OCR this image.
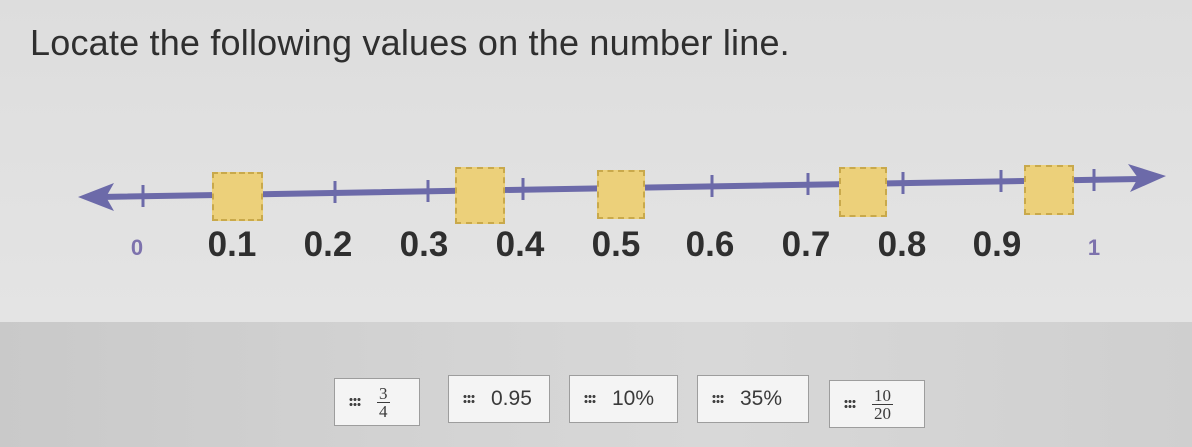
Locate the following values on the number line.
0 0.1 0.2 0.3 0.4 0.5 0.6 0.7 0.8 0.9	1
$\frac{3}{4}$	0.95	10%	35%	$\frac{10}{20}$
